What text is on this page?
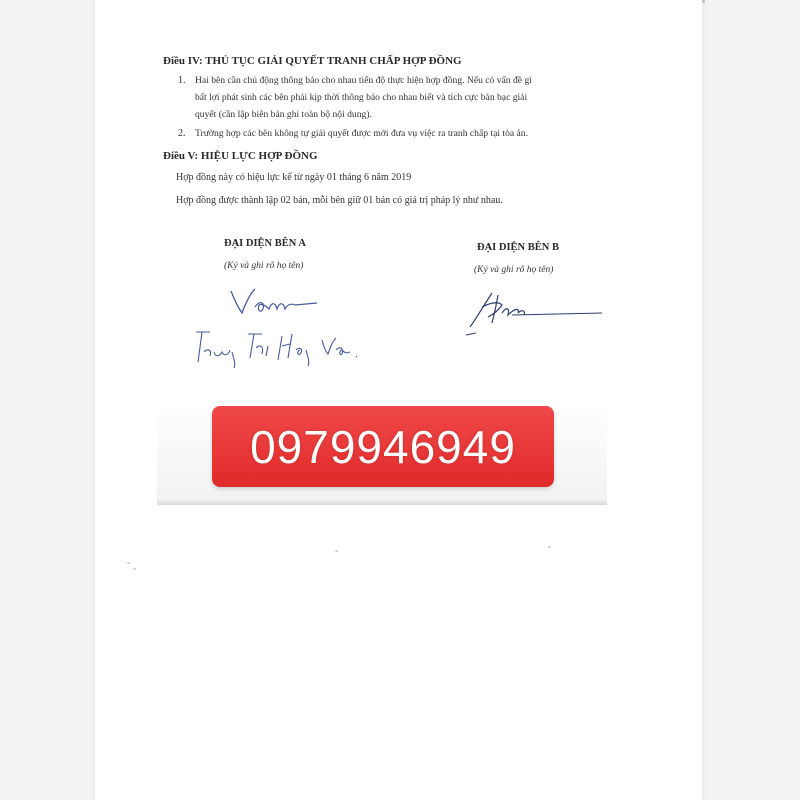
Điều IV: THỦ TỤC GIẢI QUYẾT TRANH CHẤP HỢP ĐỒNG
1. Hai bên cần chủ động thông báo cho nhau tiến độ thực hiện hợp đồng. Nếu có vấn đề gì
bất lợi phát sinh các bên phải kịp thời thông báo cho nhau biết và tích cực bàn bạc giải
quyết (cần lập biên bản ghi toàn bộ nội dung).
2. Trường hợp các bên không tự giải quyết được mới đưa vụ việc ra tranh chấp tại tòa án.
Điều V: HIỆU LỰC HỢP ĐỒNG
Hợp đồng này có hiệu lực kể từ ngày 01 tháng 6 năm 2019
Hợp đồng được thành lập 02 bản, mỗi bên giữ 01 bản có giá trị pháp lý như nhau.
ĐẠI DIỆN BÊN A
(Ký và ghi rõ họ tên)
ĐẠI DIỆN BÊN B
(Ký và ghi rõ họ tên)
0979946949
